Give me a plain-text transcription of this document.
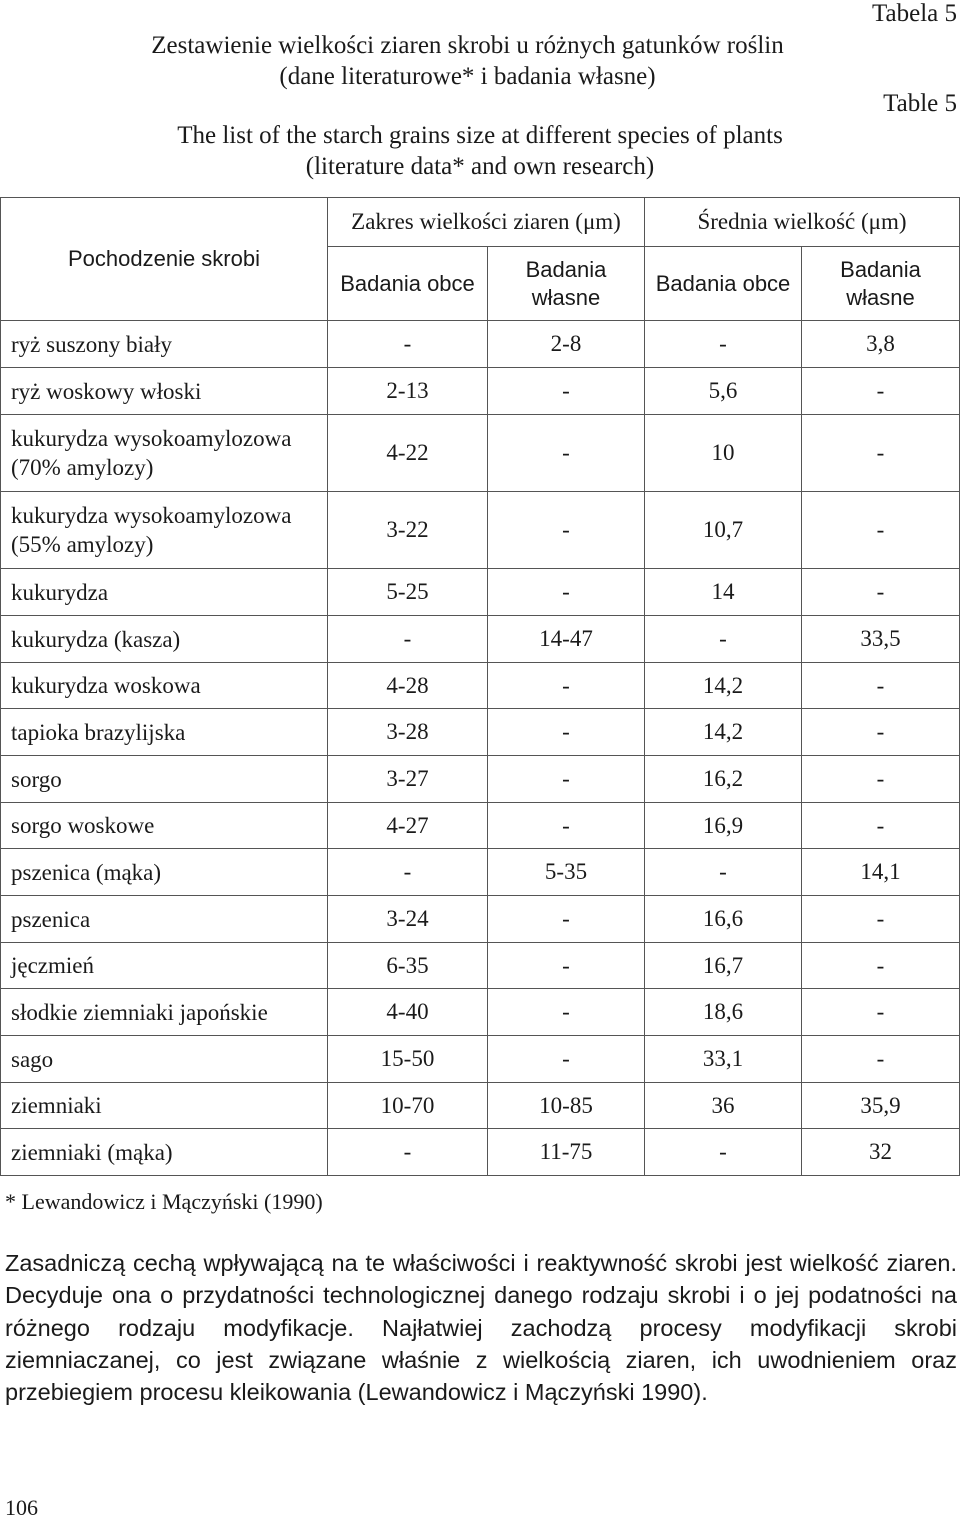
Zestawienie wielkości ziaren skrobi u różnych gatunków roślin
(dane literaturowe* i badania własne)
Tabela 5
Table 5
The list of the starch grains size at different species of plants
(literature data* and own research)
Pochodzenie skrobi	Zakres wielkości ziaren (μm)		Średnia wielkość (μm)	
	Badania obce	Badania własne	Badania obce	Badania własne
ryż suszony biały	-	2-8	-	3,8
ryż woskowy włoski	2-13	-	5,6	-
kukurydza wysokoamylozowa (70% amylozy)	4-22	-	10	-
kukurydza wysokoamylozowa (55% amylozy)	3-22	-	10,7	-
kukurydza	5-25	-	14	-
kukurydza (kasza)	-	14-47	-	33,5
kukurydza woskowa	4-28	-	14,2	-
tapioka brazylijska	3-28	-	14,2	-
sorgo	3-27	-	16,2	-
sorgo woskowe	4-27	-	16,9	-
pszenica (mąka)	-	5-35	-	14,1
pszenica	3-24	-	16,6	-
jęczmień	6-35	-	16,7	-
słodkie ziemniaki japońskie	4-40	-	18,6	-
sago	15-50	-	33,1	-
ziemniaki	10-70	10-85	36	35,9
ziemniaki (mąka)	-	11-75	-	32
* Lewandowicz i Mączyński (1990)
Zasadniczą cechą wpływającą na te właściwości i reaktywność skrobi jest wielkość ziaren. Decyduje ona o przydatności technologicznej danego rodzaju skrobi i o jej podatności na różnego rodzaju modyfikacje. Najłatwiej zachodzą procesy modyfikacji skrobi ziemniaczanej, co jest związane właśnie z wielkością ziaren, ich uwodnieniem oraz przebiegiem procesu kleikowania (Lewandowicz i Mączyński 1990).
106
